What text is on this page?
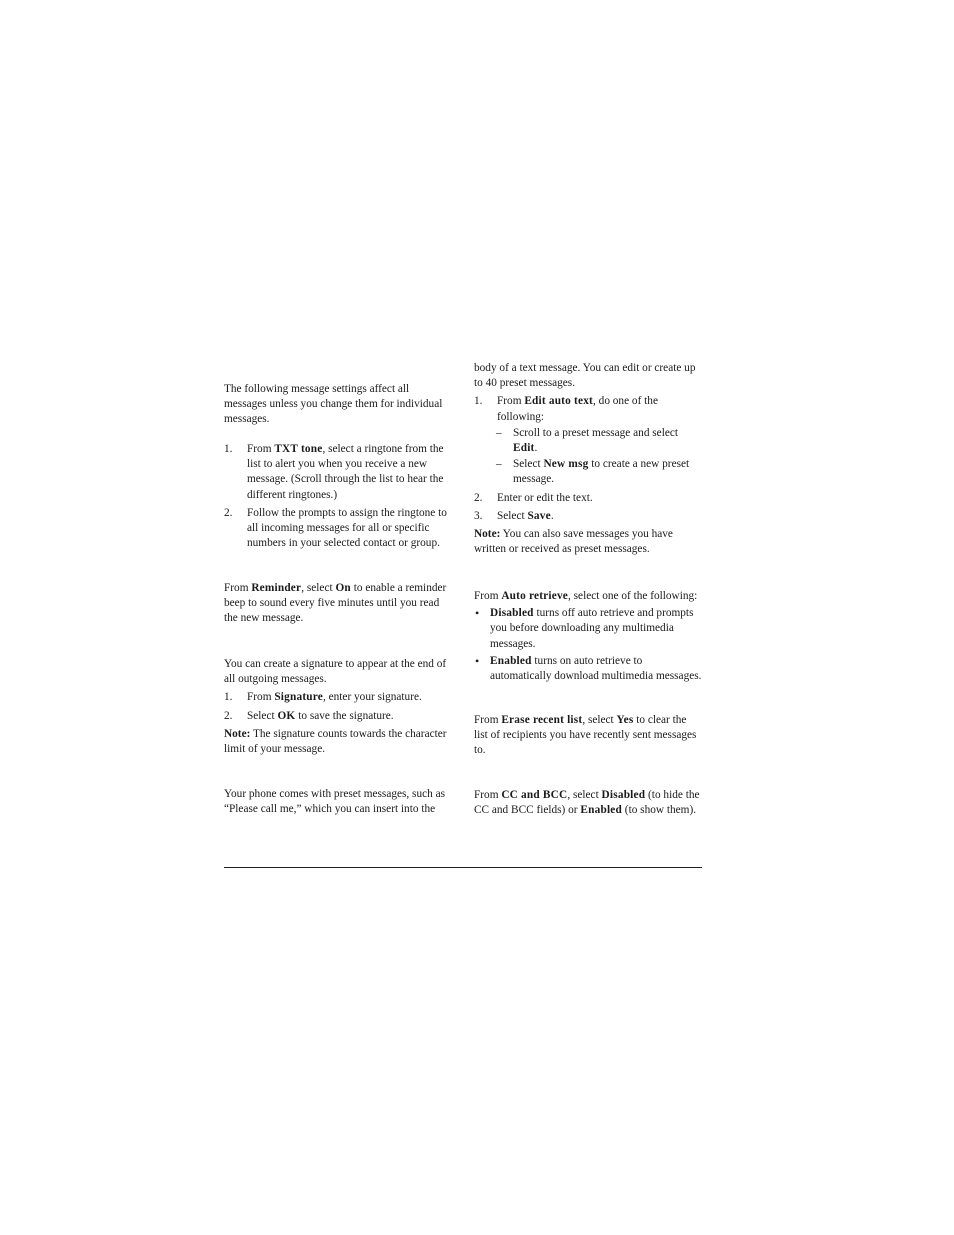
The following message settings affect all messages unless you change them for individual messages.

1. From TXT tone, select a ringtone from the list to alert you when you receive a new message. (Scroll through the list to hear the different ringtones.)
2. Follow the prompts to assign the ringtone to all incoming messages for all or specific numbers in your selected contact or group.

From Reminder, select On to enable a reminder beep to sound every five minutes until you read the new message.

You can create a signature to appear at the end of all outgoing messages.

1. From Signature, enter your signature.
2. Select OK to save the signature.

Note: The signature counts towards the character limit of your message.

Your phone comes with preset messages, such as “Please call me,” which you can insert into the

body of a text message. You can edit or create up to 40 preset messages.

1. From Edit auto text, do one of the following:
– Scroll to a preset message and select Edit.
– Select New msg to create a new preset message.
2. Enter or edit the text.
3. Select Save.

Note: You can also save messages you have written or received as preset messages.

From Auto retrieve, select one of the following:

• Disabled turns off auto retrieve and prompts you before downloading any multimedia messages.
• Enabled turns on auto retrieve to automatically download multimedia messages.

From Erase recent list, select Yes to clear the list of recipients you have recently sent messages to.

From CC and BCC, select Disabled (to hide the CC and BCC fields) or Enabled (to show them).
